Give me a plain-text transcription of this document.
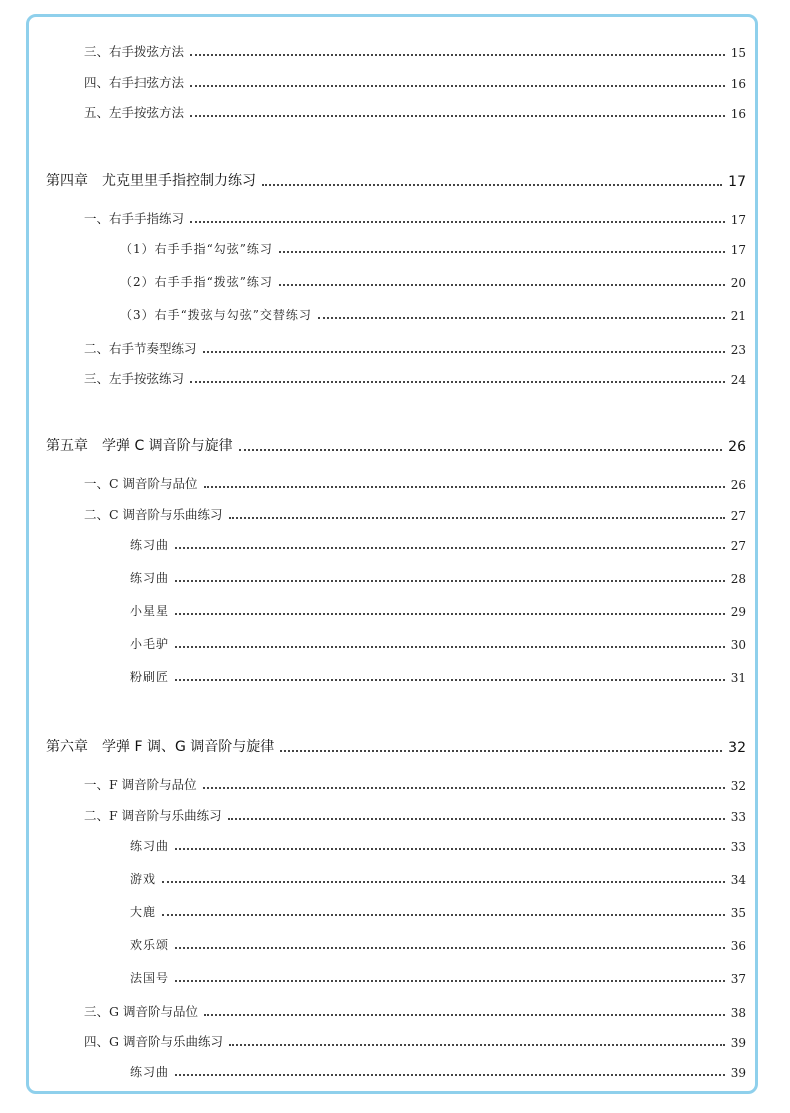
三、右手拨弦方法	15
四、右手扫弦方法	16
五、左手按弦方法	16
第四章　尤克里里手指控制力练习	17
一、右手手指练习	17
（1）右手手指“勾弦”练习	17
（2）右手手指“拨弦”练习	20
（3）右手“拨弦与勾弦”交替练习	21
二、右手节奏型练习	23
三、左手按弦练习	24
第五章　学弹 C 调音阶与旋律	26
一、C 调音阶与品位	26
二、C 调音阶与乐曲练习	27
练习曲	27
练习曲	28
小星星	29
小毛驴	30
粉刷匠	31
第六章　学弹 F 调、G 调音阶与旋律	32
一、F 调音阶与品位	32
二、F 调音阶与乐曲练习	33
练习曲	33
游戏	34
大鹿	35
欢乐颂	36
法国号	37
三、G 调音阶与品位	38
四、G 调音阶与乐曲练习	39
练习曲	39
